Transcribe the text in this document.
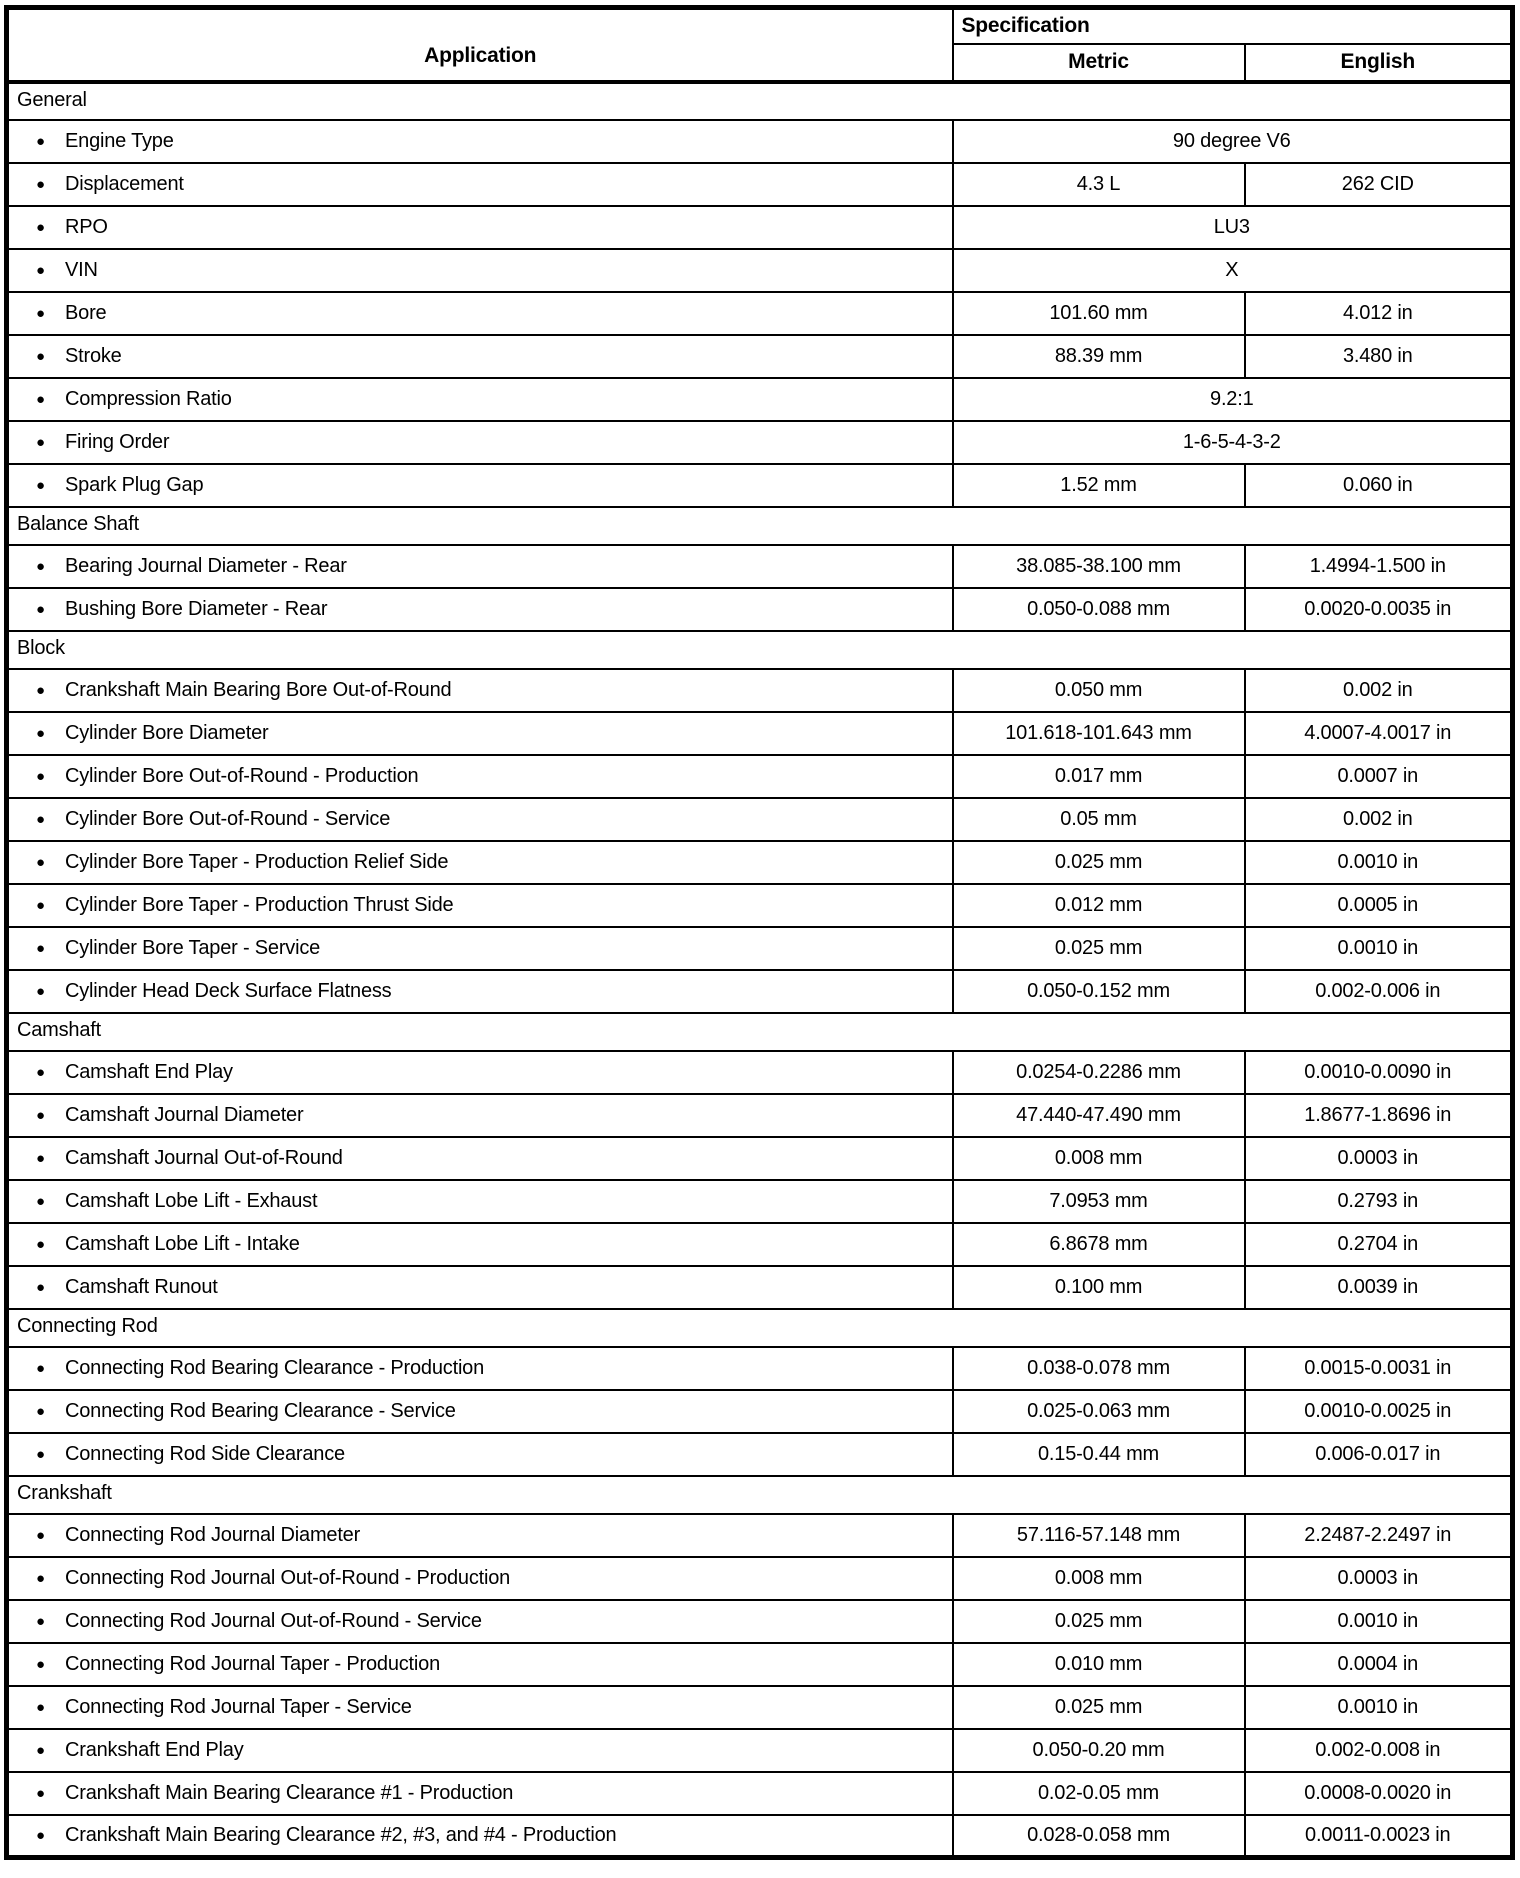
Application	Specification	
	Metric	English
General		
● Engine Type	90 degree V6	
● Displacement	4.3 L	262 CID
● RPO	LU3	
● VIN	X	
● Bore	101.60 mm	4.012 in
● Stroke	88.39 mm	3.480 in
● Compression Ratio	9.2:1	
● Firing Order	1-6-5-4-3-2	
● Spark Plug Gap	1.52 mm	0.060 in
Balance Shaft		
● Bearing Journal Diameter - Rear	38.085-38.100 mm	1.4994-1.500 in
● Bushing Bore Diameter - Rear	0.050-0.088 mm	0.0020-0.0035 in
Block		
● Crankshaft Main Bearing Bore Out-of-Round	0.050 mm	0.002 in
● Cylinder Bore Diameter	101.618-101.643 mm	4.0007-4.0017 in
● Cylinder Bore Out-of-Round - Production	0.017 mm	0.0007 in
● Cylinder Bore Out-of-Round - Service	0.05 mm	0.002 in
● Cylinder Bore Taper - Production Relief Side	0.025 mm	0.0010 in
● Cylinder Bore Taper - Production Thrust Side	0.012 mm	0.0005 in
● Cylinder Bore Taper - Service	0.025 mm	0.0010 in
● Cylinder Head Deck Surface Flatness	0.050-0.152 mm	0.002-0.006 in
Camshaft		
● Camshaft End Play	0.0254-0.2286 mm	0.0010-0.0090 in
● Camshaft Journal Diameter	47.440-47.490 mm	1.8677-1.8696 in
● Camshaft Journal Out-of-Round	0.008 mm	0.0003 in
● Camshaft Lobe Lift - Exhaust	7.0953 mm	0.2793 in
● Camshaft Lobe Lift - Intake	6.8678 mm	0.2704 in
● Camshaft Runout	0.100 mm	0.0039 in
Connecting Rod		
● Connecting Rod Bearing Clearance - Production	0.038-0.078 mm	0.0015-0.0031 in
● Connecting Rod Bearing Clearance - Service	0.025-0.063 mm	0.0010-0.0025 in
● Connecting Rod Side Clearance	0.15-0.44 mm	0.006-0.017 in
Crankshaft		
● Connecting Rod Journal Diameter	57.116-57.148 mm	2.2487-2.2497 in
● Connecting Rod Journal Out-of-Round - Production	0.008 mm	0.0003 in
● Connecting Rod Journal Out-of-Round - Service	0.025 mm	0.0010 in
● Connecting Rod Journal Taper - Production	0.010 mm	0.0004 in
● Connecting Rod Journal Taper - Service	0.025 mm	0.0010 in
● Crankshaft End Play	0.050-0.20 mm	0.002-0.008 in
● Crankshaft Main Bearing Clearance #1 - Production	0.02-0.05 mm	0.0008-0.0020 in
● Crankshaft Main Bearing Clearance #2, #3, and #4 - Production	0.028-0.058 mm	0.0011-0.0023 in
